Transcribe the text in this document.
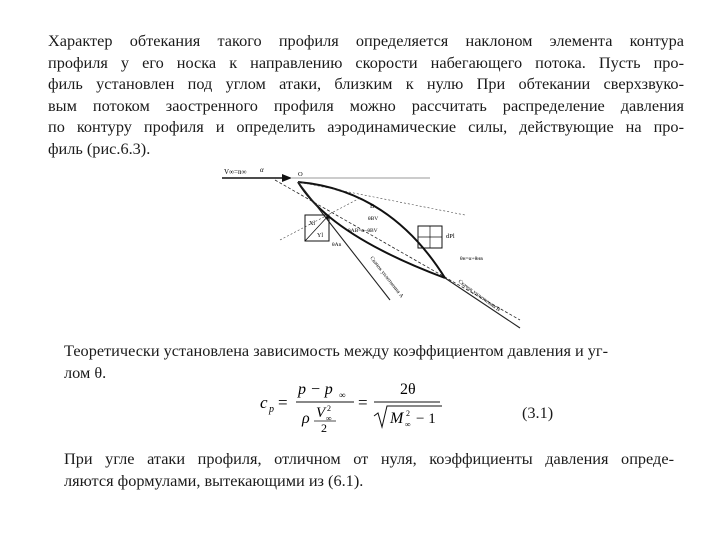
Характер обтекания такого профиля определяется наклоном элемента контура
профиля у его носка к направлению скорости набегающего потока. Пусть про-
филь установлен под углом атаки, близким к нулю При обтекании сверхзвуко-
вым потоком заостренного профиля можно рассчитать распределение давления
по контуру профиля и определить аэродинамические силы, действующие на про-
филь (рис.6.3).
V∞=n∞
Xl
Yl	dPl
α
O
B
θBV
θAB=α−θBV
θAn
θн=α+θнв
Скачок уплотнения A	Скачок уплотнения B
Теоретически установлена зависимость между коэффициентом давления и уг-
лом θ.
c p =
p − p ∞
ρ V ∞
2
2
=
2θ
M ∞
2 − 1	(3.1)
При угле атаки профиля, отличном от нуля, коэффициенты давления опреде-
ляются формулами, вытекающими из (6.1).
